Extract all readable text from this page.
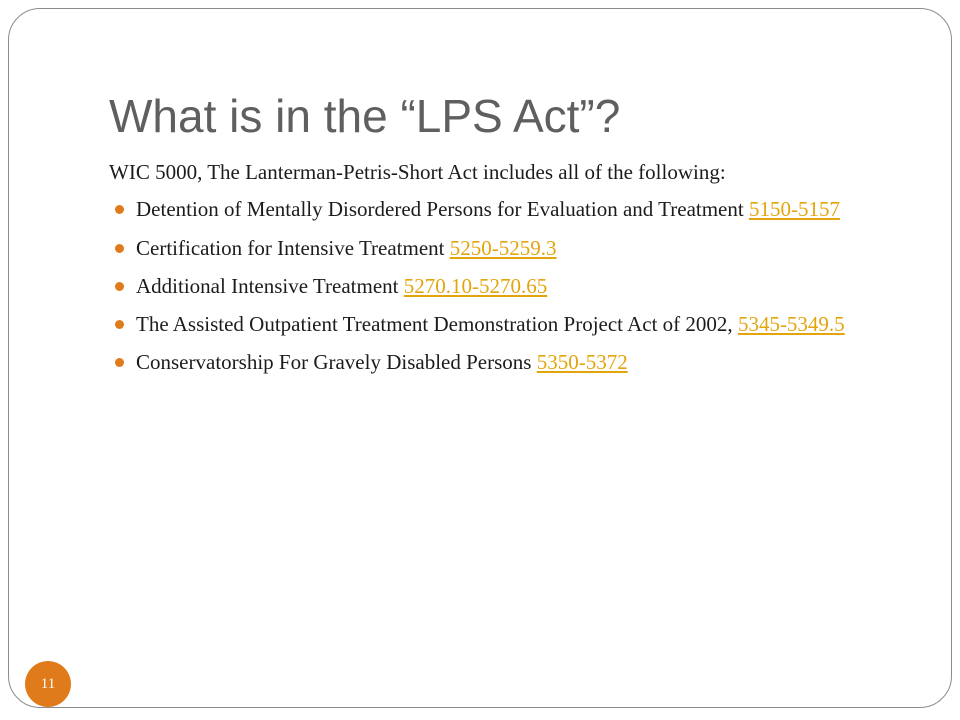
What is in the “LPS Act”?

WIC 5000, The Lanterman-Petris-Short Act includes all of the following:

Detention of Mentally Disordered Persons for Evaluation and Treatment 5150-5157
Certification for Intensive Treatment 5250-5259.3
Additional Intensive Treatment 5270.10-5270.65
The Assisted Outpatient Treatment Demonstration Project Act of 2002, 5345-5349.5
Conservatorship For Gravely Disabled Persons 5350-5372
11
